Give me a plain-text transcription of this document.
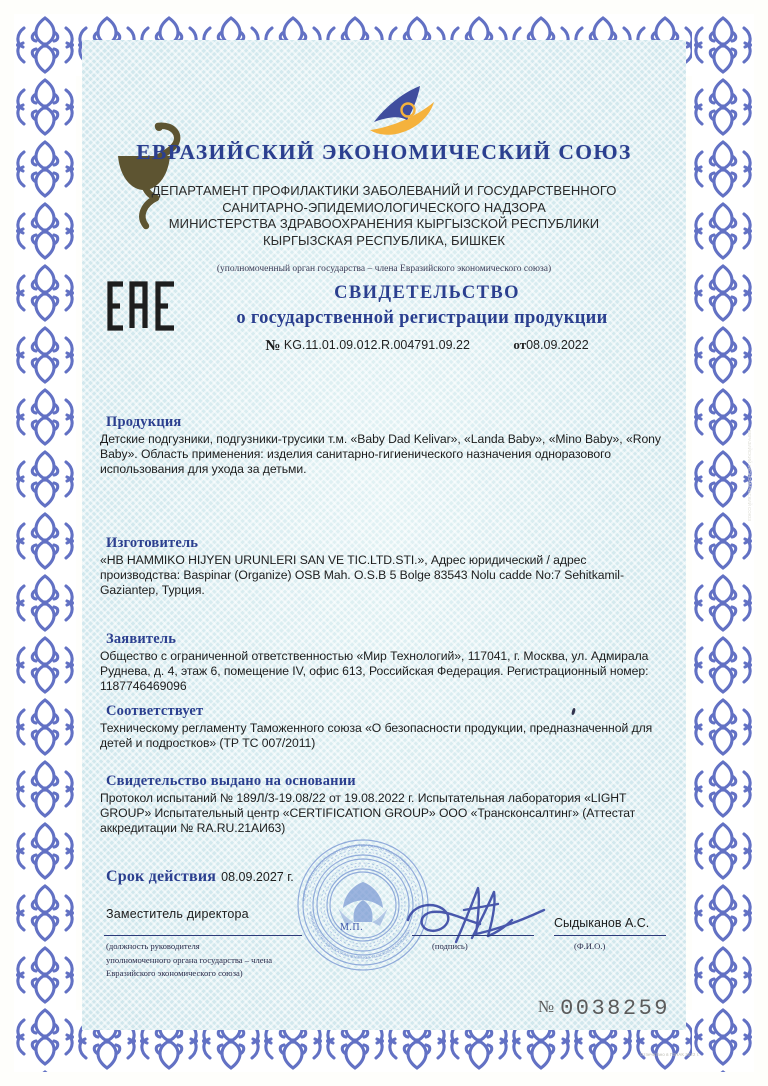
ЕВРАЗИЙСКИЙ ЭКОНОМИЧЕСКИЙ СОЮЗ
ДЕПАРТАМЕНТ ПРОФИЛАКТИКИ ЗАБОЛЕВАНИЙ И ГОСУДАРСТВЕННОГО
САНИТАРНО-ЭПИДЕМИОЛОГИЧЕСКОГО НАДЗОРА
МИНИСТЕРСТВА ЗДРАВООХРАНЕНИЯ КЫРГЫЗСКОЙ РЕСПУБЛИКИ
КЫРГЫЗСКАЯ РЕСПУБЛИКА, БИШКЕК
(уполномоченный орган государства – члена Евразийского экономического союза)
СВИДЕТЕЛЬСТВО
о государственной регистрации продукции
№ KG.11.01.09.012.R.004791.09.22	от08.09.2022
Продукция
Детские подгузники, подгузники-трусики т.м. «Baby Dad Kelivar», «Landa Baby», «Mino Baby», «Rony Baby». Область применения: изделия санитарно-гигиенического назначения одноразового использования для ухода за детьми.
Изготовитель
«НВ HAMMIKO HIJYEN URUNLERI SAN VE TIC.LTD.STI.», Адрес юридический / адрес производства: Baspinar (Organize) OSB Mah. O.S.B 5 Bolge 83543 Nolu cadde No:7 Sehitkamil-Gaziantep, Турция.
Заявитель
Общество с ограниченной ответственностью «Мир Технологий», 117041, г. Москва, ул. Адмирала Руднева, д. 4, этаж 6, помещение IV, офис 613, Российская Федерация. Регистрационный номер: 1187746469096
Соответствует
Техническому регламенту Таможенного союза «О безопасности продукции, предназначенной для детей и подростков» (ТР ТС 007/2011)
Свидетельство выдано на основании
Протокол испытаний № 189Л/3-19.08/22 от 19.08.2022 г. Испытательная лаборатория «LIGHT GROUP» Испытательный центр «CERTIFICATION GROUP» ООО «Трансконсалтинг» (Аттестат аккредитации № RA.RU.21АИ63)
Срок действия 08.09.2027 г.
Заместитель директора
КЫРГЫЗ РЕСПУБЛИКАСЫНЫН САЛАМАТТЫК САКТОО МИНИСТРЛИГИ
МИНИСТЕРСТВО ЗДРАВООХРАНЕНИЯ КЫРГЫЗСКОЙ РЕСПУБЛИКИ
М.П.	Сыдыканов А.С.
(должность руководителя
уполномоченного органа государства – члена
Евразийского экономического союза)
(подпись)	(Ф.И.О.)
№ 0038259
ЕВРАЗИЙСКИЙ ЭКОНОМИЧЕСКИЙ СОЮЗ
Отпечатано в ГЗНАК 2022 г.
